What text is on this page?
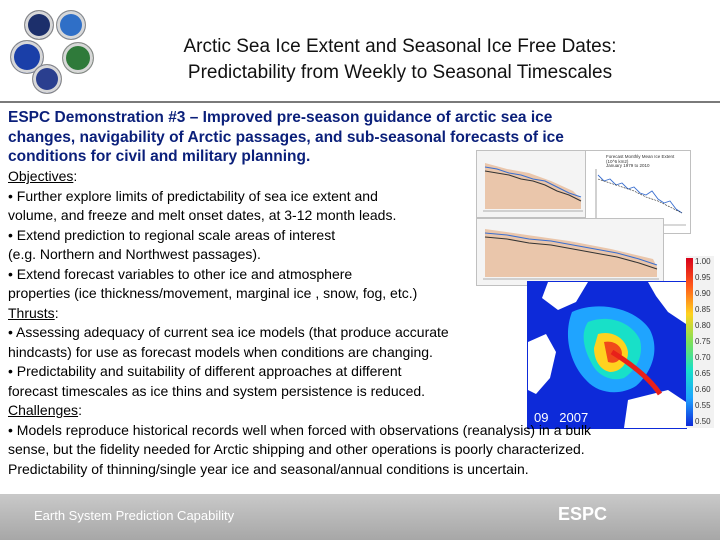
Arctic Sea Ice Extent and Seasonal Ice Free Dates:
Predictability from Weekly to Seasonal Timescales
ESPC Demonstration #3 – Improved pre-season guidance of arctic sea ice
changes, navigability of Arctic passages, and sub-seasonal forecasts of ice
conditions for civil and military planning.	Forecast Monthly Mean Ice Extent (10^6 km2)
January 1979 to 2010
09   2007
1.00
0.95
0.90
0.85
0.80
0.75
0.70
0.65
0.60
0.55
0.50
Objectives:
• Further explore limits of predictability of sea ice extent and
volume, and freeze and melt onset dates, at 3-12 month leads.
• Extend prediction to regional scale areas of interest
(e.g. Northern and Northwest passages).
• Extend forecast variables to other ice and atmosphere
properties (ice thickness/movement, marginal ice , snow, fog, etc.)
Thrusts:
• Assessing adequacy of current sea ice models (that produce accurate
hindcasts) for use as forecast models when conditions are changing.
• Predictability and suitability of different approaches at different
forecast timescales as ice thins and system persistence is reduced.
Challenges:
• Models reproduce historical records well when forced with observations (reanalysis) in a bulk
sense, but the fidelity needed for Arctic shipping and other operations is poorly characterized.
Predictability of thinning/single year ice and seasonal/annual conditions is uncertain.
Earth System Prediction Capability	ESPC
